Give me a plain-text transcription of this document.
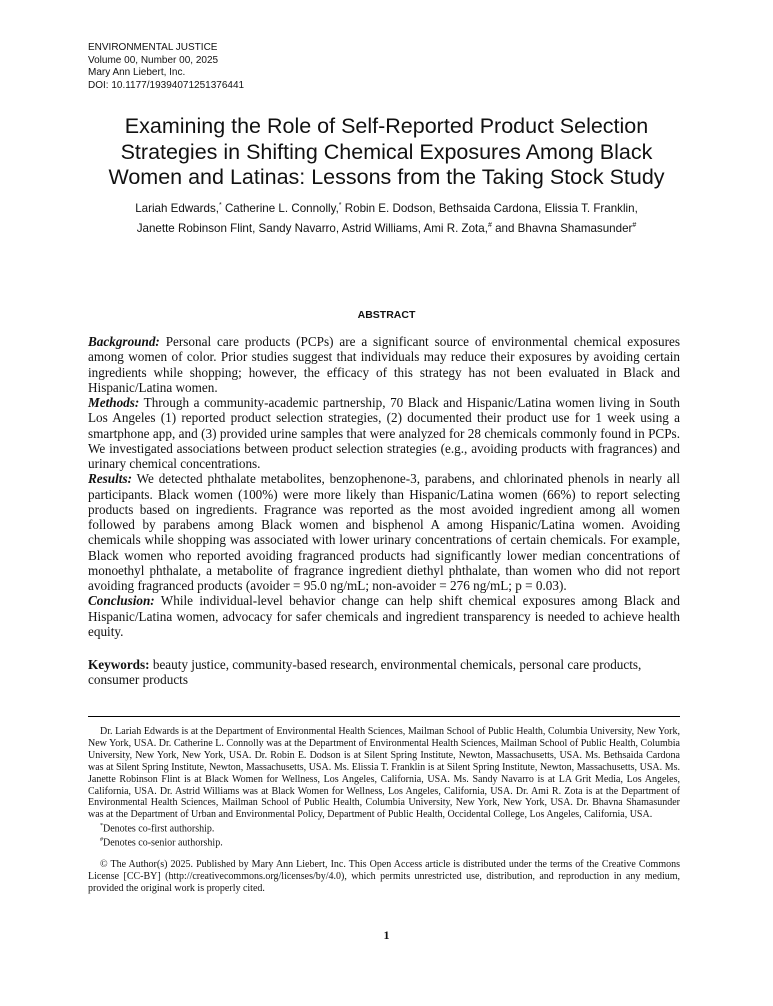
ENVIRONMENTAL JUSTICE
Volume 00, Number 00, 2025
Mary Ann Liebert, Inc.
DOI: 10.1177/19394071251376441
Examining the Role of Self-Reported Product Selection
Strategies in Shifting Chemical Exposures Among Black
Women and Latinas: Lessons from the Taking Stock Study
Lariah Edwards,* Catherine L. Connolly,* Robin E. Dodson, Bethsaida Cardona, Elissia T. Franklin,
Janette Robinson Flint, Sandy Navarro, Astrid Williams, Ami R. Zota,# and Bhavna Shamasunder#
ABSTRACT

Background: Personal care products (PCPs) are a significant source of environmental chemical exposures among women of color. Prior studies suggest that individuals may reduce their exposures by avoiding certain ingredients while shopping; however, the efficacy of this strategy has not been evaluated in Black and Hispanic/Latina women.

Methods: Through a community-academic partnership, 70 Black and Hispanic/Latina women living in South Los Angeles (1) reported product selection strategies, (2) documented their product use for 1 week using a smartphone app, and (3) provided urine samples that were analyzed for 28 chemicals commonly found in PCPs. We investigated associations between product selection strategies (e.g., avoiding products with fragrances) and urinary chemical concentrations.

Results: We detected phthalate metabolites, benzophenone-3, parabens, and chlorinated phenols in nearly all participants. Black women (100%) were more likely than Hispanic/Latina women (66%) to report selecting products based on ingredients. Fragrance was reported as the most avoided ingredient among all women followed by parabens among Black women and bisphenol A among Hispanic/Latina women. Avoiding chemicals while shopping was associated with lower urinary concentrations of certain chemicals. For example, Black women who reported avoiding fragranced products had significantly lower median concentrations of monoethyl phthalate, a metabolite of fragrance ingredient diethyl phthalate, than women who did not report avoiding fragranced products (avoider = 95.0 ng/mL; non-avoider = 276 ng/mL; p = 0.03).

Conclusion: While individual-level behavior change can help shift chemical exposures among Black and Hispanic/Latina women, advocacy for safer chemicals and ingredient transparency is needed to achieve health equity.

Keywords: beauty justice, community-based research, environmental chemicals, personal care products, consumer products

Dr. Lariah Edwards is at the Department of Environmental Health Sciences, Mailman School of Public Health, Columbia University, New York, New York, USA. Dr. Catherine L. Connolly was at the Department of Environmental Health Sciences, Mailman School of Public Health, Columbia University, New York, New York, USA. Dr. Robin E. Dodson is at Silent Spring Institute, Newton, Massachusetts, USA. Ms. Bethsaida Cardona was at Silent Spring Institute, Newton, Massachusetts, USA. Ms. Elissia T. Franklin is at Silent Spring Institute, Newton, Massachusetts, USA. Ms. Janette Robinson Flint is at Black Women for Wellness, Los Angeles, California, USA. Ms. Sandy Navarro is at LA Grit Media, Los Angeles, California, USA. Dr. Astrid Williams was at Black Women for Wellness, Los Angeles, California, USA. Dr. Ami R. Zota is at the Department of Environmental Health Sciences, Mailman School of Public Health, Columbia University, New York, New York, USA. Dr. Bhavna Shamasunder was at the Department of Urban and Environmental Policy, Department of Public Health, Occidental College, Los Angeles, California, USA.

*Denotes co-first authorship.
#Denotes co-senior authorship.
© The Author(s) 2025. Published by Mary Ann Liebert, Inc. This Open Access article is distributed under the terms of the Creative Commons License [CC-BY] (http://creativecommons.org/licenses/by/4.0), which permits unrestricted use, distribution, and reproduction in any medium, provided the original work is properly cited.
1
